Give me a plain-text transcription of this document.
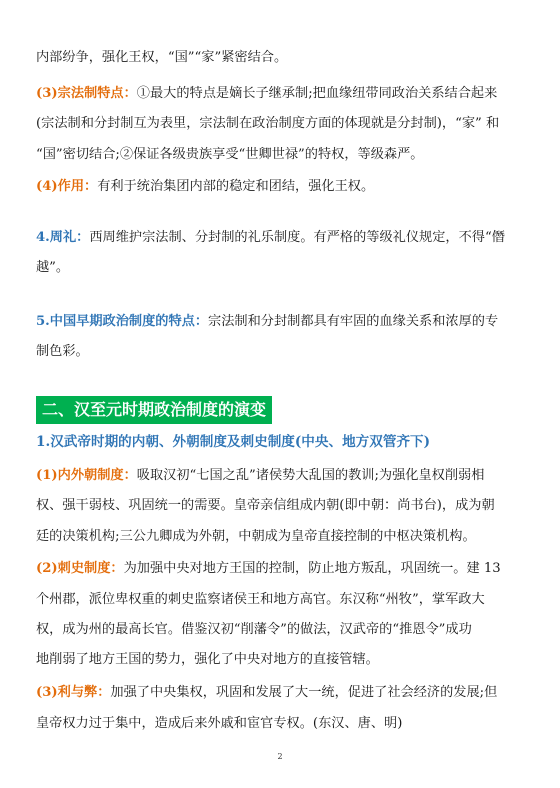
内部纷争，强化王权，“国”“家”紧密结合。
(3)宗法制特点：①最大的特点是嫡长子继承制;把血缘纽带同政治关系结合起来
(宗法制和分封制互为表里，宗法制在政治制度方面的体现就是分封制)，“家” 和
“国”密切结合;②保证各级贵族享受“世卿世禄”的特权，等级森严。
(4)作用：有利于统治集团内部的稳定和团结，强化王权。
4.周礼：西周维护宗法制、分封制的礼乐制度。有严格的等级礼仪规定，不得“僭
越”。
5.中国早期政治制度的特点：宗法制和分封制都具有牢固的血缘关系和浓厚的专
制色彩。
二、汉至元时期政治制度的演变
1.汉武帝时期的内朝、外朝制度及刺史制度(中央、地方双管齐下)
(1)内外朝制度：吸取汉初“七国之乱”诸侯势大乱国的教训;为强化皇权削弱相
权、强干弱枝、巩固统一的需要。皇帝亲信组成内朝(即中朝：尚书台)，成为朝
廷的决策机构;三公九卿成为外朝，中朝成为皇帝直接控制的中枢决策机构。
(2)刺史制度：为加强中央对地方王国的控制，防止地方叛乱，巩固统一。建 13
个州郡，派位卑权重的刺史监察诸侯王和地方高官。东汉称“州牧”，掌军政大
权，成为州的最高长官。借鉴汉初“削藩令”的做法，汉武帝的“推恩令”成功
地削弱了地方王国的势力，强化了中央对地方的直接管辖。
(3)利与弊：加强了中央集权，巩固和发展了大一统，促进了社会经济的发展;但
皇帝权力过于集中，造成后来外戚和宦官专权。(东汉、唐、明)
2
